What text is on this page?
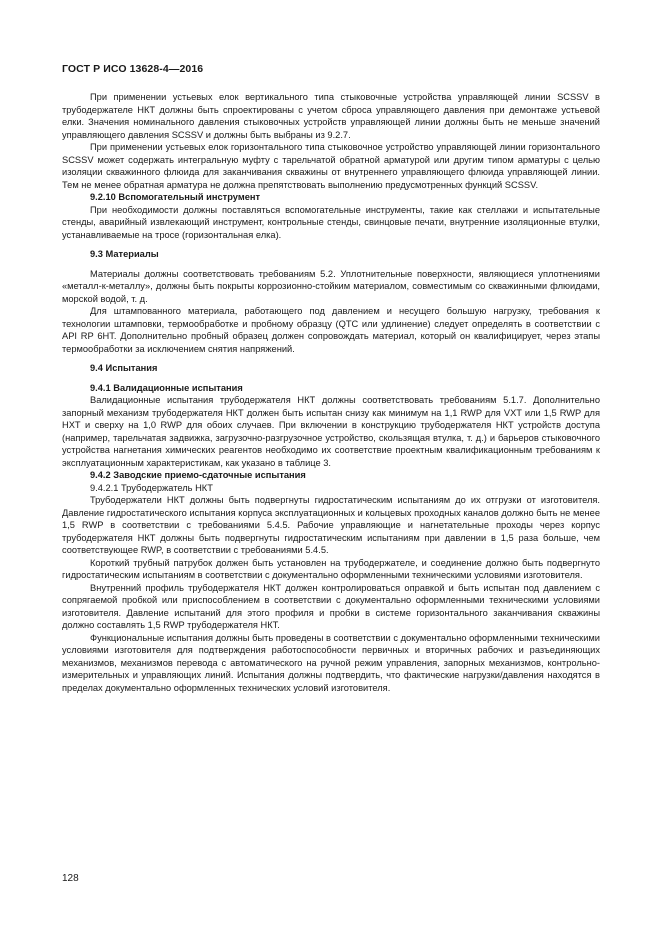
ГОСТ Р ИСО 13628-4—2016

При применении устьевых елок вертикального типа стыковочные устройства управляющей линии SCSSV в трубодержателе НКТ должны быть спроектированы с учетом сброса управляющего давления при демонтаже устьевой елки. Значения номинального давления стыковочных устройств управляющей линии должны быть не меньше значений управляющего давления SCSSV и должны быть выбраны из 9.2.7.

При применении устьевых елок горизонтального типа стыковочное устройство управляющей линии горизонтального SCSSV может содержать интегральную муфту с тарельчатой обратной арматурой или другим типом арматуры с целью изоляции скважинного флюида для заканчивания скважины от внутреннего управляющего флюида управляющей линии. Тем не менее обратная арматура не должна препятствовать выполнению предусмотренных функций SCSSV.

9.2.10 Вспомогательный инструмент

При необходимости должны поставляться вспомогательные инструменты, такие как стеллажи и испытательные стенды, аварийный извлекающий инструмент, контрольные стенды, свинцовые печати, внутренние изоляционные втулки, устанавливаемые на тросе (горизонтальная елка).

9.3 Материалы

Материалы должны соответствовать требованиям 5.2. Уплотнительные поверхности, являющиеся уплотнениями «металл-к-металлу», должны быть покрыты коррозионно-стойким материалом, совместимым со скважинными флюидами, морской водой, т. д.

Для штампованного материала, работающего под давлением и несущего большую нагрузку, требования к технологии штамповки, термообработке и пробному образцу (QTC или удлинение) следует определять в соответствии с API RP 6HT. Дополнительно пробный образец должен сопровождать материал, который он квалифицирует, через этапы термообработки за исключением снятия напряжений.

9.4 Испытания
9.4.1 Валидационные испытания

Валидационные испытания трубодержателя НКТ должны соответствовать требованиям 5.1.7. Дополнительно запорный механизм трубодержателя НКТ должен быть испытан снизу как минимум на 1,1 RWP для VXT или 1,5 RWP для HXT и сверху на 1,0 RWP для обоих случаев. При включении в конструкцию трубодержателя НКТ устройств доступа (например, тарельчатая задвижка, загрузочно-разгрузочное устройство, скользящая втулка, т. д.) и барьеров стыковочного устройства нагнетания химических реагентов необходимо их соответствие проектным квалификационным требованиям к эксплуатационным характеристикам, как указано в таблице 3.

9.4.2 Заводские приемо-сдаточные испытания
9.4.2.1 Трубодержатель НКТ

Трубодержатели НКТ должны быть подвергнуты гидростатическим испытаниям до их отгрузки от изготовителя. Давление гидростатического испытания корпуса эксплуатационных и кольцевых проходных каналов должно быть не менее 1,5 RWP в соответствии с требованиями 5.4.5. Рабочие управляющие и нагнетательные проходы через корпус трубодержателя НКТ должны быть подвергнуты гидростатическим испытаниям при давлении в 1,5 раза больше, чем соответствующее RWP, в соответствии с требованиями 5.4.5.

Короткий трубный патрубок должен быть установлен на трубодержателе, и соединение должно быть подвергнуто гидростатическим испытаниям в соответствии с документально оформленными техническими условиями изготовителя.

Внутренний профиль трубодержателя НКТ должен контролироваться оправкой и быть испытан под давлением с сопрягаемой пробкой или приспособлением в соответствии с документально оформленными техническими условиями изготовителя. Давление испытаний для этого профиля и пробки в системе горизонтального заканчивания скважины должно составлять 1,5 RWP трубодержателя НКТ.

Функциональные испытания должны быть проведены в соответствии с документально оформленными техническими условиями изготовителя для подтверждения работоспособности первичных и вторичных рабочих и разъединяющих механизмов, механизмов перевода с автоматического на ручной режим управления, запорных механизмов, контрольно-измерительных и управляющих линий. Испытания должны подтвердить, что фактические нагрузки/давления находятся в пределах документально оформленных технических условий изготовителя.

128
